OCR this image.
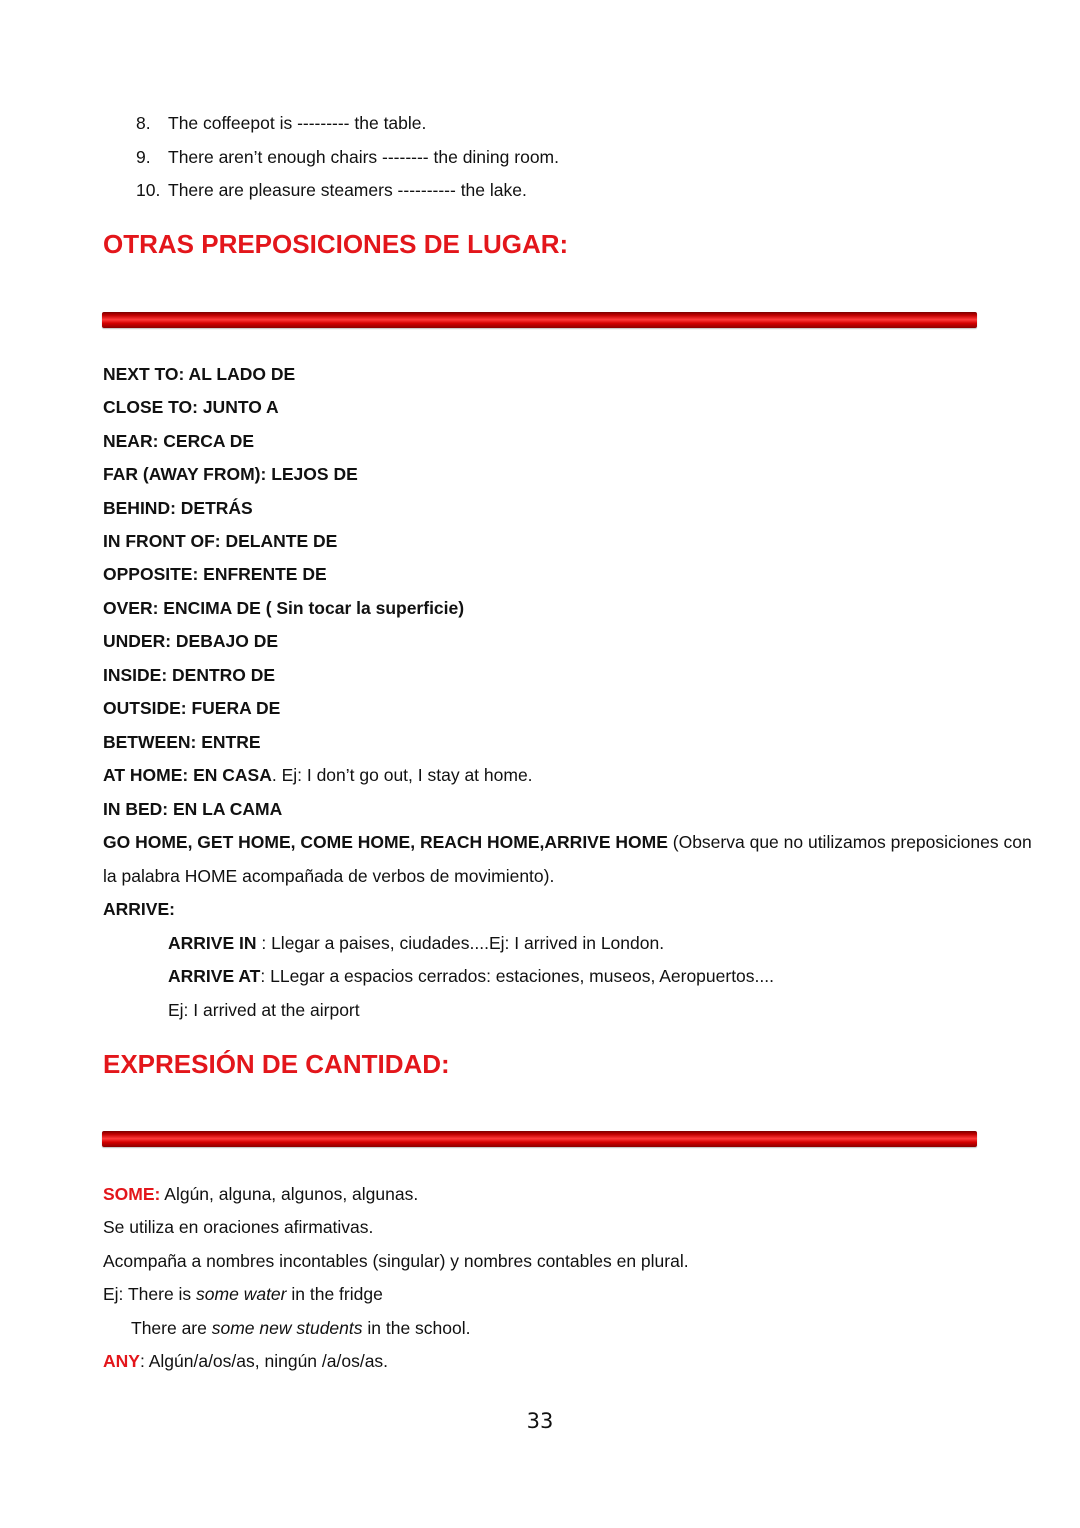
8. The coffeepot is --------- the table.
9. There aren’t enough chairs -------- the dining room.
10. There are pleasure steamers ---------- the lake.
OTRAS PREPOSICIONES DE LUGAR:
NEXT TO: AL LADO DE
CLOSE TO: JUNTO A
NEAR: CERCA DE
FAR (AWAY FROM): LEJOS DE
BEHIND: DETRÁS
IN FRONT OF: DELANTE DE
OPPOSITE: ENFRENTE DE
OVER: ENCIMA DE ( Sin tocar la superficie)
UNDER: DEBAJO DE
INSIDE: DENTRO DE
OUTSIDE: FUERA DE
BETWEEN: ENTRE
AT HOME: EN CASA. Ej: I don’t go out, I stay at home.
IN BED: EN LA CAMA
GO HOME, GET HOME, COME HOME, REACH HOME,ARRIVE HOME (Observa que no utilizamos preposiciones con
la palabra HOME acompañada de verbos de movimiento).
ARRIVE:
ARRIVE IN : Llegar a paises, ciudades....Ej: I arrived in London.
ARRIVE AT: LLegar a espacios cerrados: estaciones, museos, Aeropuertos....
Ej: I arrived at the airport
EXPRESIÓN DE CANTIDAD:
SOME: Algún, alguna, algunos, algunas.
Se utiliza en oraciones afirmativas.
Acompaña a nombres incontables (singular) y nombres contables en plural.
Ej: There is some water in the fridge
There are some new students in the school.
ANY: Algún/a/os/as, ningún /a/os/as.
33
